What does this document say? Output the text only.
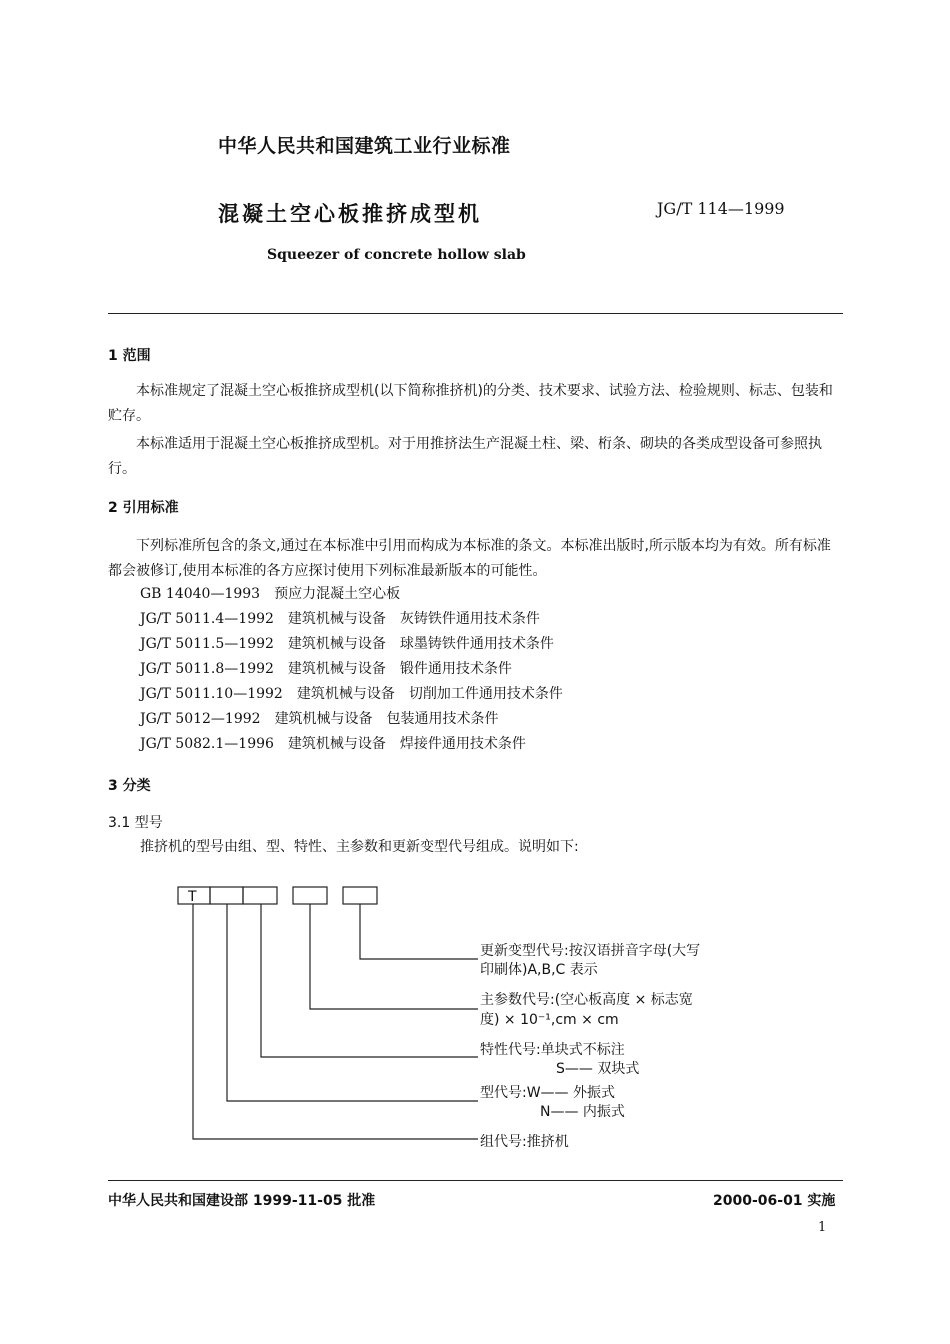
中华人民共和国建筑工业行业标准
混凝土空心板推挤成型机	JG/T 114—1999
Squeezer of concrete hollow slab
1 范围
本标准规定了混凝土空心板推挤成型机(以下简称推挤机)的分类、技术要求、试验方法、检验规则、标志、包装和贮存。
本标准适用于混凝土空心板推挤成型机。对于用推挤法生产混凝土柱、梁、桁条、砌块的各类成型设备可参照执行。
2 引用标准
下列标准所包含的条文,通过在本标准中引用而构成为本标准的条文。本标准出版时,所示版本均为有效。所有标准都会被修订,使用本标准的各方应探讨使用下列标准最新版本的可能性。
GB 14040—1993　 预应力混凝土空心板
JG/T 5011.4—1992　 建筑机械与设备　灰铸铁件通用技术条件
JG/T 5011.5—1992　 建筑机械与设备　球墨铸铁件通用技术条件
JG/T 5011.8—1992　 建筑机械与设备　锻件通用技术条件
JG/T 5011.10—1992　 建筑机械与设备　切削加工件通用技术条件
JG/T 5012—1992　 建筑机械与设备　包装通用技术条件
JG/T 5082.1—1996　 建筑机械与设备　焊接件通用技术条件
3 分类
3.1 型号
推挤机的型号由组、型、特性、主参数和更新变型代号组成。说明如下:
T
更新变型代号:按汉语拼音字母(大写
印刷体)A,B,C 表示
主参数代号:(空心板高度 × 标志宽
度) × 10⁻¹,cm × cm
特性代号:单块式不标注
S—— 双块式
型代号:W—— 外振式
N—— 内振式
组代号:推挤机
中华人民共和国建设部 1999-11-05 批准	2000-06-01 实施
1
